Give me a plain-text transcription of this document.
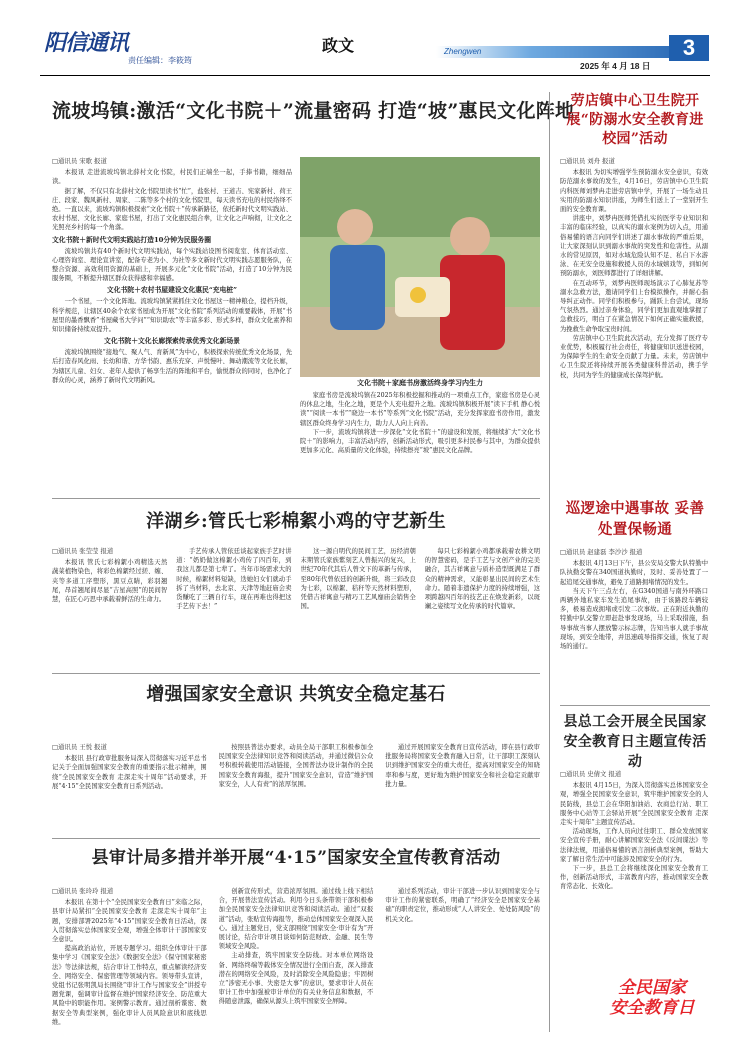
阳信通讯
责任编辑：李筱筠
政文	Zhengwen
2025 年 4 月 18 日
3
流坡坞镇:激活“文化书院＋”流量密码 打造“坡”惠民文化阵地
□通讯员 宋歌 报道
本报讯 走进流坡坞镇北薛村文化书院，村民们正端坐一起，手捧书籍，细细品读。
据了解，不仅只有北薛村文化书院里读书“忙”，盐张村、王道吉、宪家新村、荷王庄、段家、魏风新村、周家、二陈等多个村的文化书院里，每天读书充电的村民络绎不绝。一直以来，流坡坞镇积极探索“文化书院＋”传承新路径，依托新时代文明实践站、农村书屋、文化长廊、家庭书屋，打出了文化惠民组合拳，让文化之声响彻，让文化之光照亮乡村的每一个角落。
文化书院＋新时代文明实践站打造10分钟为民服务圈
流坡坞镇共有40个新时代文明实践站，每个实践站设图书阅览室、体育活动室、心理咨询室、理论宣讲室，配备专老为小、为社等多文新时代文明实践志愿服务队，在整合资源、高效利用资源的基础上，开展多元化“文化书院”活动，打造了10分钟为民服务圈，不断提升辖区群众获得感和幸福感。
文化书院＋农村书屋建设文化惠民“充电桩”
一个书屋，一个文化阵地。流坡坞镇紧紧抓住文化书屋这一精神粮仓，提档升级，科学规范，让辖区40余个农家书屋成为开展“文化书院”系列活动的重要载体，开展“书屋里的墨香飘香”书屋藏书大学问”“知识助农”等丰富多彩、形式多样，群众文化素养和知识储备持续双提升。
文化书院＋文化长廊探索传承优秀文化新场景
流坡坞镇围绕“接地气、聚人气、育新风”为中心，积极探索传统优秀文化场景，先后打造春风化雨、长幼和谐、方华书韵、惠乐充穿、声悦慢叶、舞动潮流等文化长廊，为辖区儿童、妇女、老年人提供了畅享生活的阵地和平台，愉悦群众的同时，也净化了群众的心灵，涵养了新时代文明新风。	文化书院＋家庭书房激活终身学习内生力
家庭书房是流坡坞镇在2025年积极挖掘和推动的一项重点工作，家庭书房是心灵的休息之地，生化之地，更是个人充电提升之地。流坡坞镇积极开展“读下手机 静心悦读”“阅读一本书”“晓边一本书”等系列“文化书院”活动，充分发挥家庭书房作用，激发辖区群众终身学习内生力，助力人人向上向善。
下一步，流坡坞镇将进一步深化“文化书院＋”的建设和发展，将继续扩大“文化书院＋”的影响力，丰富活动内容，创新活动形式，吸引更多村民参与其中，为群众提供更加多元化、高质量的文化体验，持续擦亮“坡”惠民文化品牌。
劳店镇中心卫生院开展“防溺水安全教育进校园”活动
□通讯员 刘舟 报道
本报讯 为切实增强学生预防溺水安全意识，有效防范溺水事故的发生，4月16日，劳店镇中心卫生院内科医师刘梦冉走进劳店镇中学，开展了一场生动且实用的防溺水知识讲座，为师生们送上了一堂别开生面的安全教育课。
讲座中，刘梦冉医师凭借扎实的医学专业知识和丰富的临床经验，以真实的溺水案例为切入点，用通俗易懂的语言向同学们讲述了溺水事故的严重后果，让大家深刻认识到溺水事故的突发性和危害性。从溺水的常见原因，如对水域危险认知不足、私自下水游泳、在无安全设施和救援人员的水域嬉戏等，到如何预防溺水，刘医师都进行了详细讲解。
在互动环节，刘梦冉医师现场演示了心肺复苏等溺水急救方法，邀请同学们上台模拟操作，并耐心指导纠正动作。同学们积极参与，踊跃上台尝试，现场气氛热烈。通过亲身体验，同学们更加直观地掌握了急救技巧，明白了在紧急情况下如何正确实施救援，为挽救生命争取宝贵时间。
劳店镇中心卫生院此次活动，充分发挥了医疗专业优势，积极履行社会责任，将健康知识送进校园，为保障学生的生命安全贡献了力量。未来，劳店镇中心卫生院还将持续开展各类健康科普活动，携手学校，共同为学生的健康成长保驾护航。
洋湖乡:管氏七彩棉絮小鸡的守艺新生
□通讯员 张莹莹 报道
本报讯 管氏七彩棉絮小鸡精选天然蔬菜植物染色，将彩色棉絮经过搓、缠、夹等多道工序塑形，黑豆点睛，彩羽翘尾，昂首翘尾间尽显“吉星高照”的民间智慧，在匠心巧思中承载着鲜活的生命力。
手艺传承人管依廷谈起家族手艺时讲道：“奶奶做这棉絮小鸡传了四百年，到我这儿都是第七辈了。当年市场需求大的时候，棉絮材料短缺，迭她妇女们就动手拆了当材料，去北京、天津等地赶庙会卖货赚吃了三辆自行车，现在再难也得把这手艺传下去！”
这一源自明代的民间工艺，历经清朝末期管氏家族紫刻艺人曾振兴的复兴，上世纪70年代其后人曾文下的革新与传承，至80年代曾依廷的创新升级，将三彩改良为七彩，以棉絮、秸秆等天然材料塑形，凭借吉祥寓意与精巧工艺风靡庙会销售全国。
每只七彩棉絮小鸡都承载着农耕文明的智慧密码，是手工艺与文创产业的完美融合，其吉祥寓意与质朴造型既满足了群众的精神需求，又能彰显出民间的艺术生命力。随着非遗保护力度的持续增强，这项跨越四百年的技艺正在焕发新彩，以斑斓之姿续写文化传承的时代篇章。
巡逻途中遇事故 妥善处置保畅通
□通讯员 赵建磊 李沙沙 报道
本报讯 4月13日下午，县公安局交警大队特勤中队执勤交警在340国道执勤时，及时、妥善处置了一起追尾交通事故，避免了道路拥堵情况的发生。
当天下午三点左右，在G340国道与南外环路口两辆外地私家车发生追尾事故，由于该路段车辆较多，极易造成拥堵或引发二次事故。正在附近执勤的特勤中队交警立即赶赴事发现场，马上采取措施，指导事故当事人摆放警示标志牌，告知当事人就手事故现场，到安全地带，并迅速疏导指挥交通，恢复了现场的通行。
增强国家安全意识 共筑安全稳定基石
□通讯员 王悦 报道
本报讯 县行政审批服务局深入贯彻落实习近平总书记关于全面加强国家安全教育的重要指示批示精神，围绕“全民国家安全教育 走深走实十周年”活动要求，开展“4·15”全民国家安全教育日系列活动。
按照县普法办要求，动员全局干部职工积极参加全民国家安全法律知识竞答和阅读活动，并通过微信公众号积极转载使用活动链接，全国普法办设计制作的全民国家安全教育海报，提升“国家安全意识，营造“维护国家安全，人人有责”的浓厚氛围。
通过开展国家安全教育日宣传活动，即在县行政审批服务局将国家安全教育融入日常，让干部职工深刻认识到维护国家安全的重大责任，提高对国家安全的知晓率和参与度，更好地为维护国家安全和社会稳定贡献审批力量。
县总工会开展全民国家安全教育日主题宣传活动
□通讯员 史倩文 报道
本报讯 4月15日，为深入贯彻落实总体国家安全观，增强全民国家安全意识，筑牢维护国家安全的人民防线，县总工会在华阳加油站、农商总行站、职工服务中心站等工会驿站开展“全民国家安全教育 走深走实十周年”主题宣传活动。
活动现场，工作人员向过往职工、群众发放国家安全宣传手册，耐心讲解国家安全法《反间谍法》等法律法规，用通俗易懂的语言剖析典型案例，帮助大家了解日常生活中可能涉及国家安全的行为。
下一步，县总工会将继续深化国家安全教育工作，创新活动形式，丰富教育内容，推动国家安全教育常态化、长效化。
全民国家
安全教育日
县审计局多措并举开展“4·15”国家安全宣传教育活动
□通讯员 张玲玲 报道
本报讯 在第十个“全民国家安全教育日”来临之际，县审计局紧扣“全民国家安全教育 走深走实十周年”主题，安排部署2025年“4·15”国家安全教育日活动，深入贯彻落实总体国家安全观，增强全体审计干部国家安全意识。
提高政治站位，开展专题学习。组织全体审计干部集中学习《国家安全法》《数据安全法》《保守国家秘密法》等法律法规，结合审计工作特点，重点解读经济安全、网络安全、保密管理等领域内容。领导带头宣讲，党组书记张明凯局长围绕“审计工作与国家安全”讲授专题党课，强调审计监督在维护国家经济安全、防范重大风险中的职能作用。案例警示教育。通过剖析谍密、数据安全等典型案例，强化审计人员风险意识和底线思维。
创新宣传形式，营造浓厚氛围。通过线上线下相结合，开展普法宣传活动。利用今日头条带领干部积极参加全民国家安全法律知识竞答和阅读活动。通过“双报道”活动，张贴宣传海报等，推动总体国家安全观深入民心。通过主题党日，党支部围绕“国家安全·审计有为”开展讨论，结合审计项目谈如何防范财政、金融、民生等领域安全风险。
主动排查，筑牢国家安全防线。对本单位网络设备、网络终端等载体安全情况进行全面自查，深入排查潜在的网络安全风险，及时消除安全风险隐患；牢固树立“涉密无小事、失密是大事”的意识，要求审计人员在审计工作中加强被审计单位的有关业务信息和数据，不得随意泄露，确保从源头上筑牢国家安全屏障。
通过系列活动，审计干部进一步认识到国家安全与审计工作的紧密联系，明确了“经济安全是国家安全基础”的职责定位，推动形成“人人讲安全、处处防风险”的机关文化。
